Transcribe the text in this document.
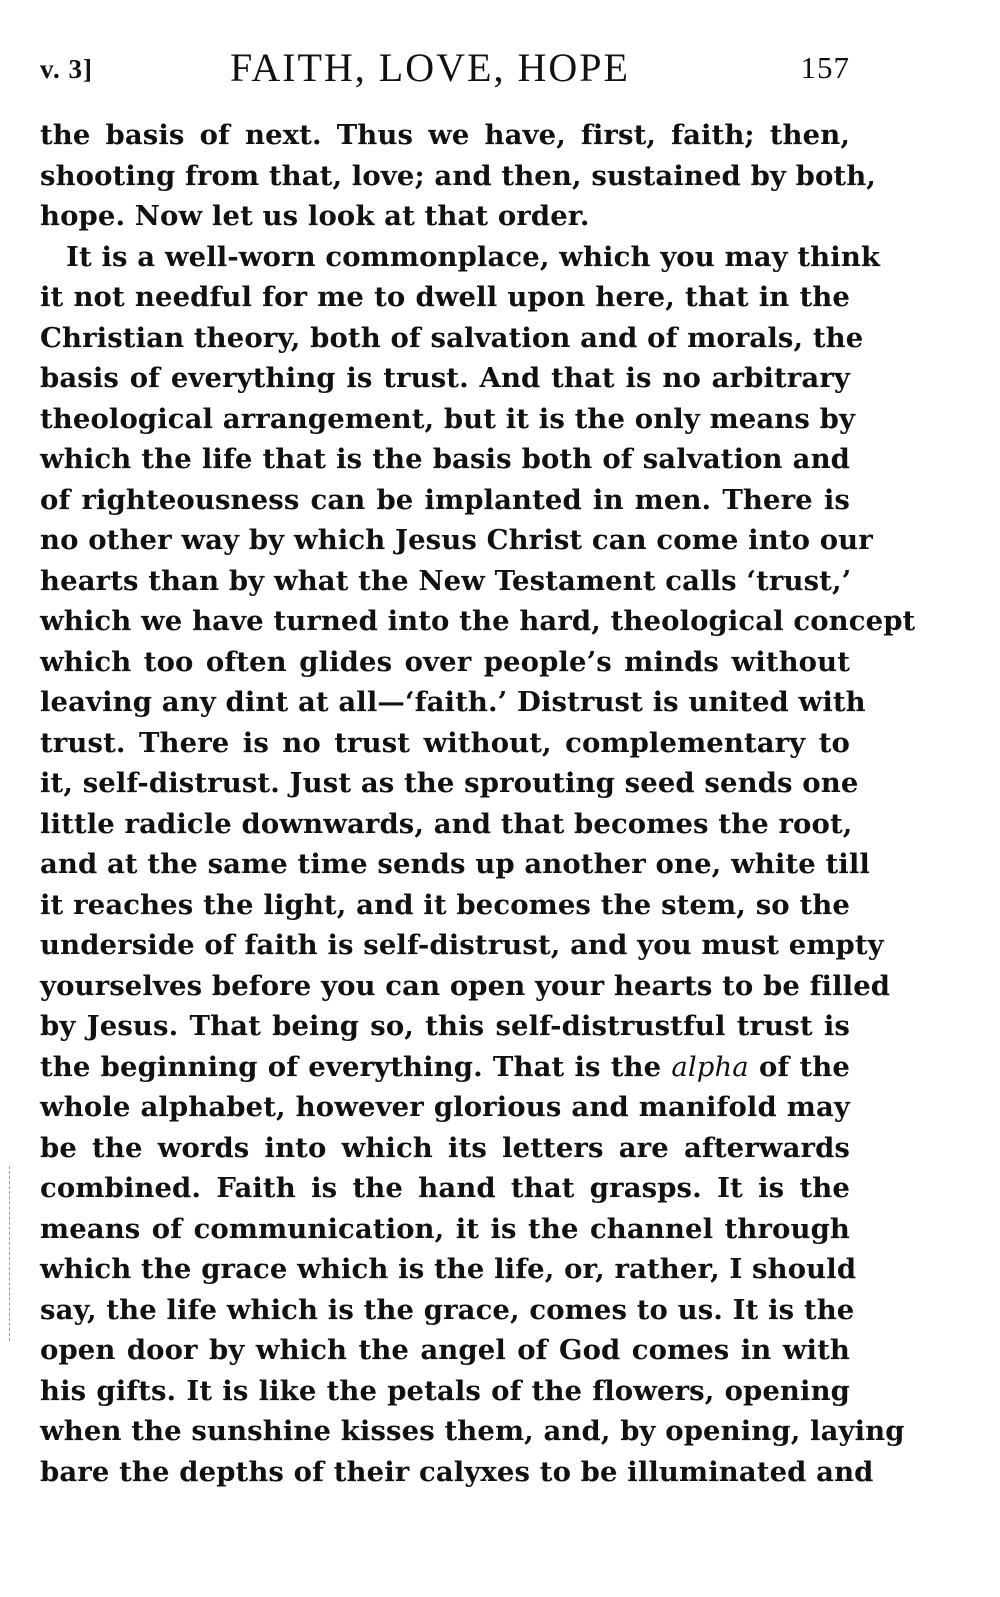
v. 3]	FAITH, LOVE, HOPE	157
the basis of next. Thus we have, first, faith; then,
shooting from that, love; and then, sustained by both,
hope. Now let us look at that order.
It is a well-worn commonplace, which you may think
it not needful for me to dwell upon here, that in the
Christian theory, both of salvation and of morals, the
basis of everything is trust. And that is no arbitrary
theological arrangement, but it is the only means by
which the life that is the basis both of salvation and
of righteousness can be implanted in men. There is
no other way by which Jesus Christ can come into our
hearts than by what the New Testament calls ‘trust,’
which we have turned into the hard, theological concept
which too often glides over people’s minds without
leaving any dint at all—‘faith.’ Distrust is united with
trust. There is no trust without, complementary to
it, self-distrust. Just as the sprouting seed sends one
little radicle downwards, and that becomes the root,
and at the same time sends up another one, white till
it reaches the light, and it becomes the stem, so the
underside of faith is self-distrust, and you must empty
yourselves before you can open your hearts to be filled
by Jesus. That being so, this self-distrustful trust is
the beginning of everything. That is the alpha of the
whole alphabet, however glorious and manifold may
be the words into which its letters are afterwards
combined. Faith is the hand that grasps. It is the
means of communication, it is the channel through
which the grace which is the life, or, rather, I should
say, the life which is the grace, comes to us. It is the
open door by which the angel of God comes in with
his gifts. It is like the petals of the flowers, opening
when the sunshine kisses them, and, by opening, laying
bare the depths of their calyxes to be illuminated and
